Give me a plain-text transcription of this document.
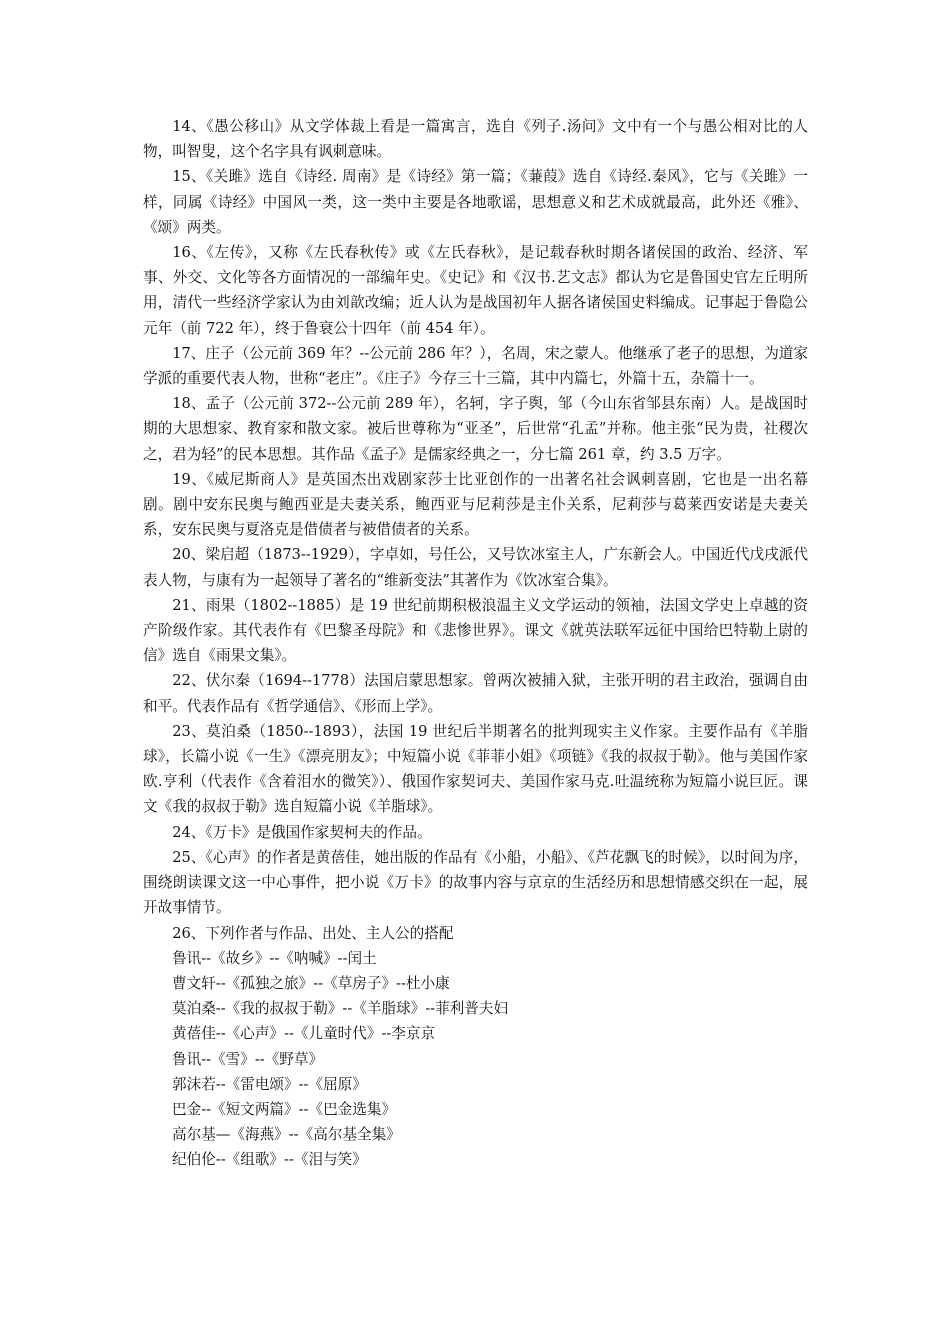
14、《愚公移山》从文学体裁上看是一篇寓言，选自《列子.汤问》文中有一个与愚公相对比的人物，叫智叟，这个名字具有讽刺意味。

15、《关雎》选自《诗经. 周南》是《诗经》第一篇；《蒹葭》选自《诗经.秦风》，它与《关雎》一样，同属《诗经》中国风一类，这一类中主要是各地歌谣，思想意义和艺术成就最高，此外还《雅》、《颂》两类。

16、《左传》，又称《左氏春秋传》或《左氏春秋》，是记载春秋时期各诸侯国的政治、经济、军事、外交、文化等各方面情况的一部编年史。《史记》和《汉书.艺文志》都认为它是鲁国史官左丘明所用，清代一些经济学家认为由刘歆改编；近人认为是战国初年人据各诸侯国史料编成。记事起于鲁隐公元年（前 722 年），终于鲁衰公十四年（前 454 年）。

17、庄子（公元前 369 年？--公元前 286 年？），名周，宋之蒙人。他继承了老子的思想，为道家学派的重要代表人物，世称“老庄”。《庄子》今存三十三篇，其中内篇七，外篇十五，杂篇十一。

18、孟子（公元前 372--公元前 289 年），名轲，字子舆，邹（今山东省邹县东南）人。是战国时期的大思想家、教育家和散文家。被后世尊称为“亚圣”，后世常“孔孟”并称。他主张“民为贵，社稷次之，君为轻”的民本思想。其作品《孟子》是儒家经典之一，分七篇 261 章，约 3.5 万字。

19、《威尼斯商人》是英国杰出戏剧家莎士比亚创作的一出著名社会讽刺喜剧，它也是一出名幕剧。剧中安东民奥与鲍西亚是夫妻关系，鲍西亚与尼莉莎是主仆关系，尼莉莎与葛莱西安诺是夫妻关系，安东民奥与夏洛克是借债者与被借债者的关系。

20、梁启超（1873--1929），字卓如，号任公，又号饮冰室主人，广东新会人。中国近代戊戌派代表人物，与康有为一起领导了著名的“维新变法”其著作为《饮冰室合集》。

21、雨果（1802--1885）是 19 世纪前期积极浪温主义文学运动的领袖，法国文学史上卓越的资产阶级作家。其代表作有《巴黎圣母院》和《悲惨世界》。课文《就英法联军远征中国给巴特勒上尉的信》选自《雨果文集》。

22、伏尔秦（1694--1778）法国启蒙思想家。曾两次被捕入狱，主张开明的君主政治，强调自由和平。代表作品有《哲学通信》、《形而上学》。

23、莫泊桑（1850--1893），法国 19 世纪后半期著名的批判现实主义作家。主要作品有《羊脂球》，长篇小说《一生》《漂亮朋友》；中短篇小说《菲菲小姐》《项链》《我的叔叔于勒》。他与美国作家欧.亨利（代表作《含着泪水的微笑》）、俄国作家契诃夫、美国作家马克.吐温统称为短篇小说巨匠。课文《我的叔叔于勒》选自短篇小说《羊脂球》。

24、《万卡》是俄国作家契柯夫的作品。

25、《心声》的作者是黄蓓佳，她出版的作品有《小船，小船》、《芦花飘飞的时候》，以时间为序，围绕朗读课文这一中心事件，把小说《万卡》的故事内容与京京的生活经历和思想情感交织在一起，展开故事情节。

26、下列作者与作品、出处、主人公的搭配

鲁讯--《故乡》--《呐喊》--闰土
曹文轩--《孤独之旅》--《草房子》--杜小康
莫泊桑--《我的叔叔于勒》--《羊脂球》--菲利普夫妇
黄蓓佳--《心声》--《儿童时代》--李京京
鲁讯--《雪》--《野草》
郭沫若--《雷电颂》--《屈原》
巴金--《短文两篇》--《巴金选集》
高尔基—《海燕》--《高尔基全集》
纪伯伦--《组歌》--《泪与笑》
